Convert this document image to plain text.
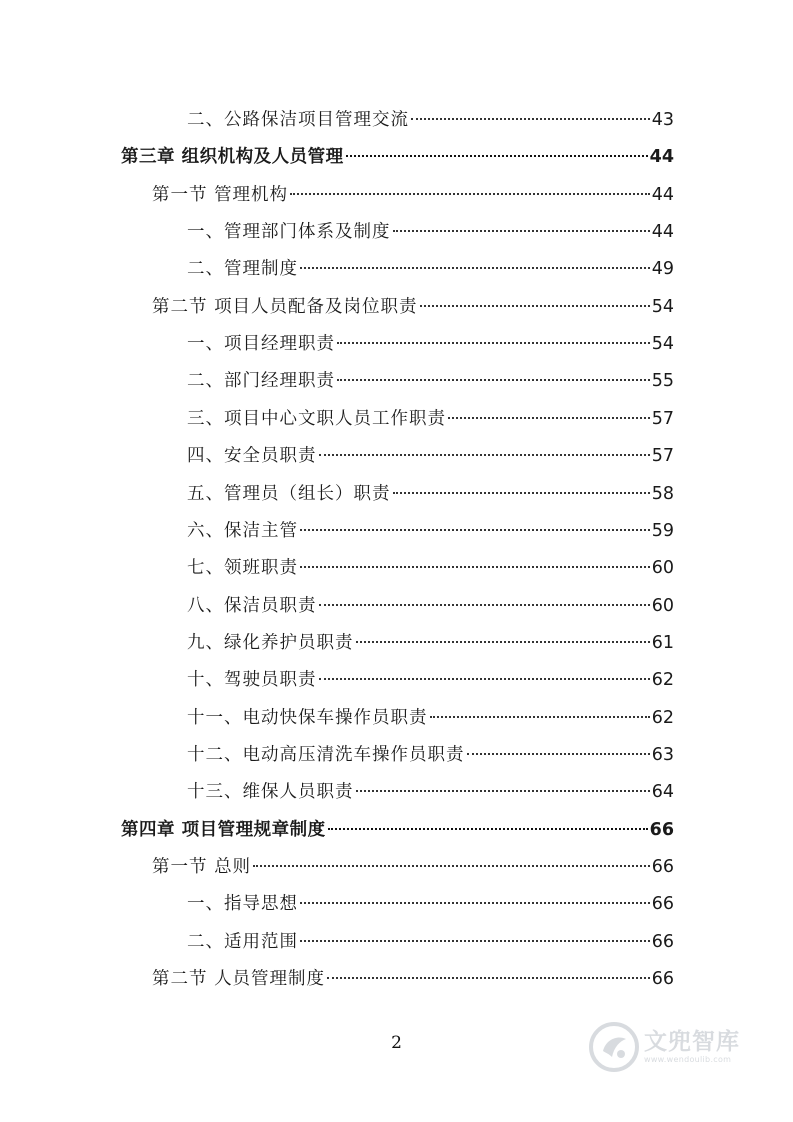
二、公路保洁项目管理交流	43
第三章 组织机构及人员管理	44
第一节 管理机构	44
一、管理部门体系及制度	44
二、管理制度	49
第二节 项目人员配备及岗位职责	54
一、项目经理职责	54
二、部门经理职责	55
三、项目中心文职人员工作职责	57
四、安全员职责	57
五、管理员（组长）职责	58
六、保洁主管	59
七、领班职责	60
八、保洁员职责	60
九、绿化养护员职责	61
十、驾驶员职责	62
十一、电动快保车操作员职责	62
十二、电动高压清洗车操作员职责	63
十三、维保人员职责	64
第四章 项目管理规章制度	66
第一节 总则	66
一、指导思想	66
二、适用范围	66
第二节 人员管理制度	66
2	文兜智库
www.wendoulib.com
